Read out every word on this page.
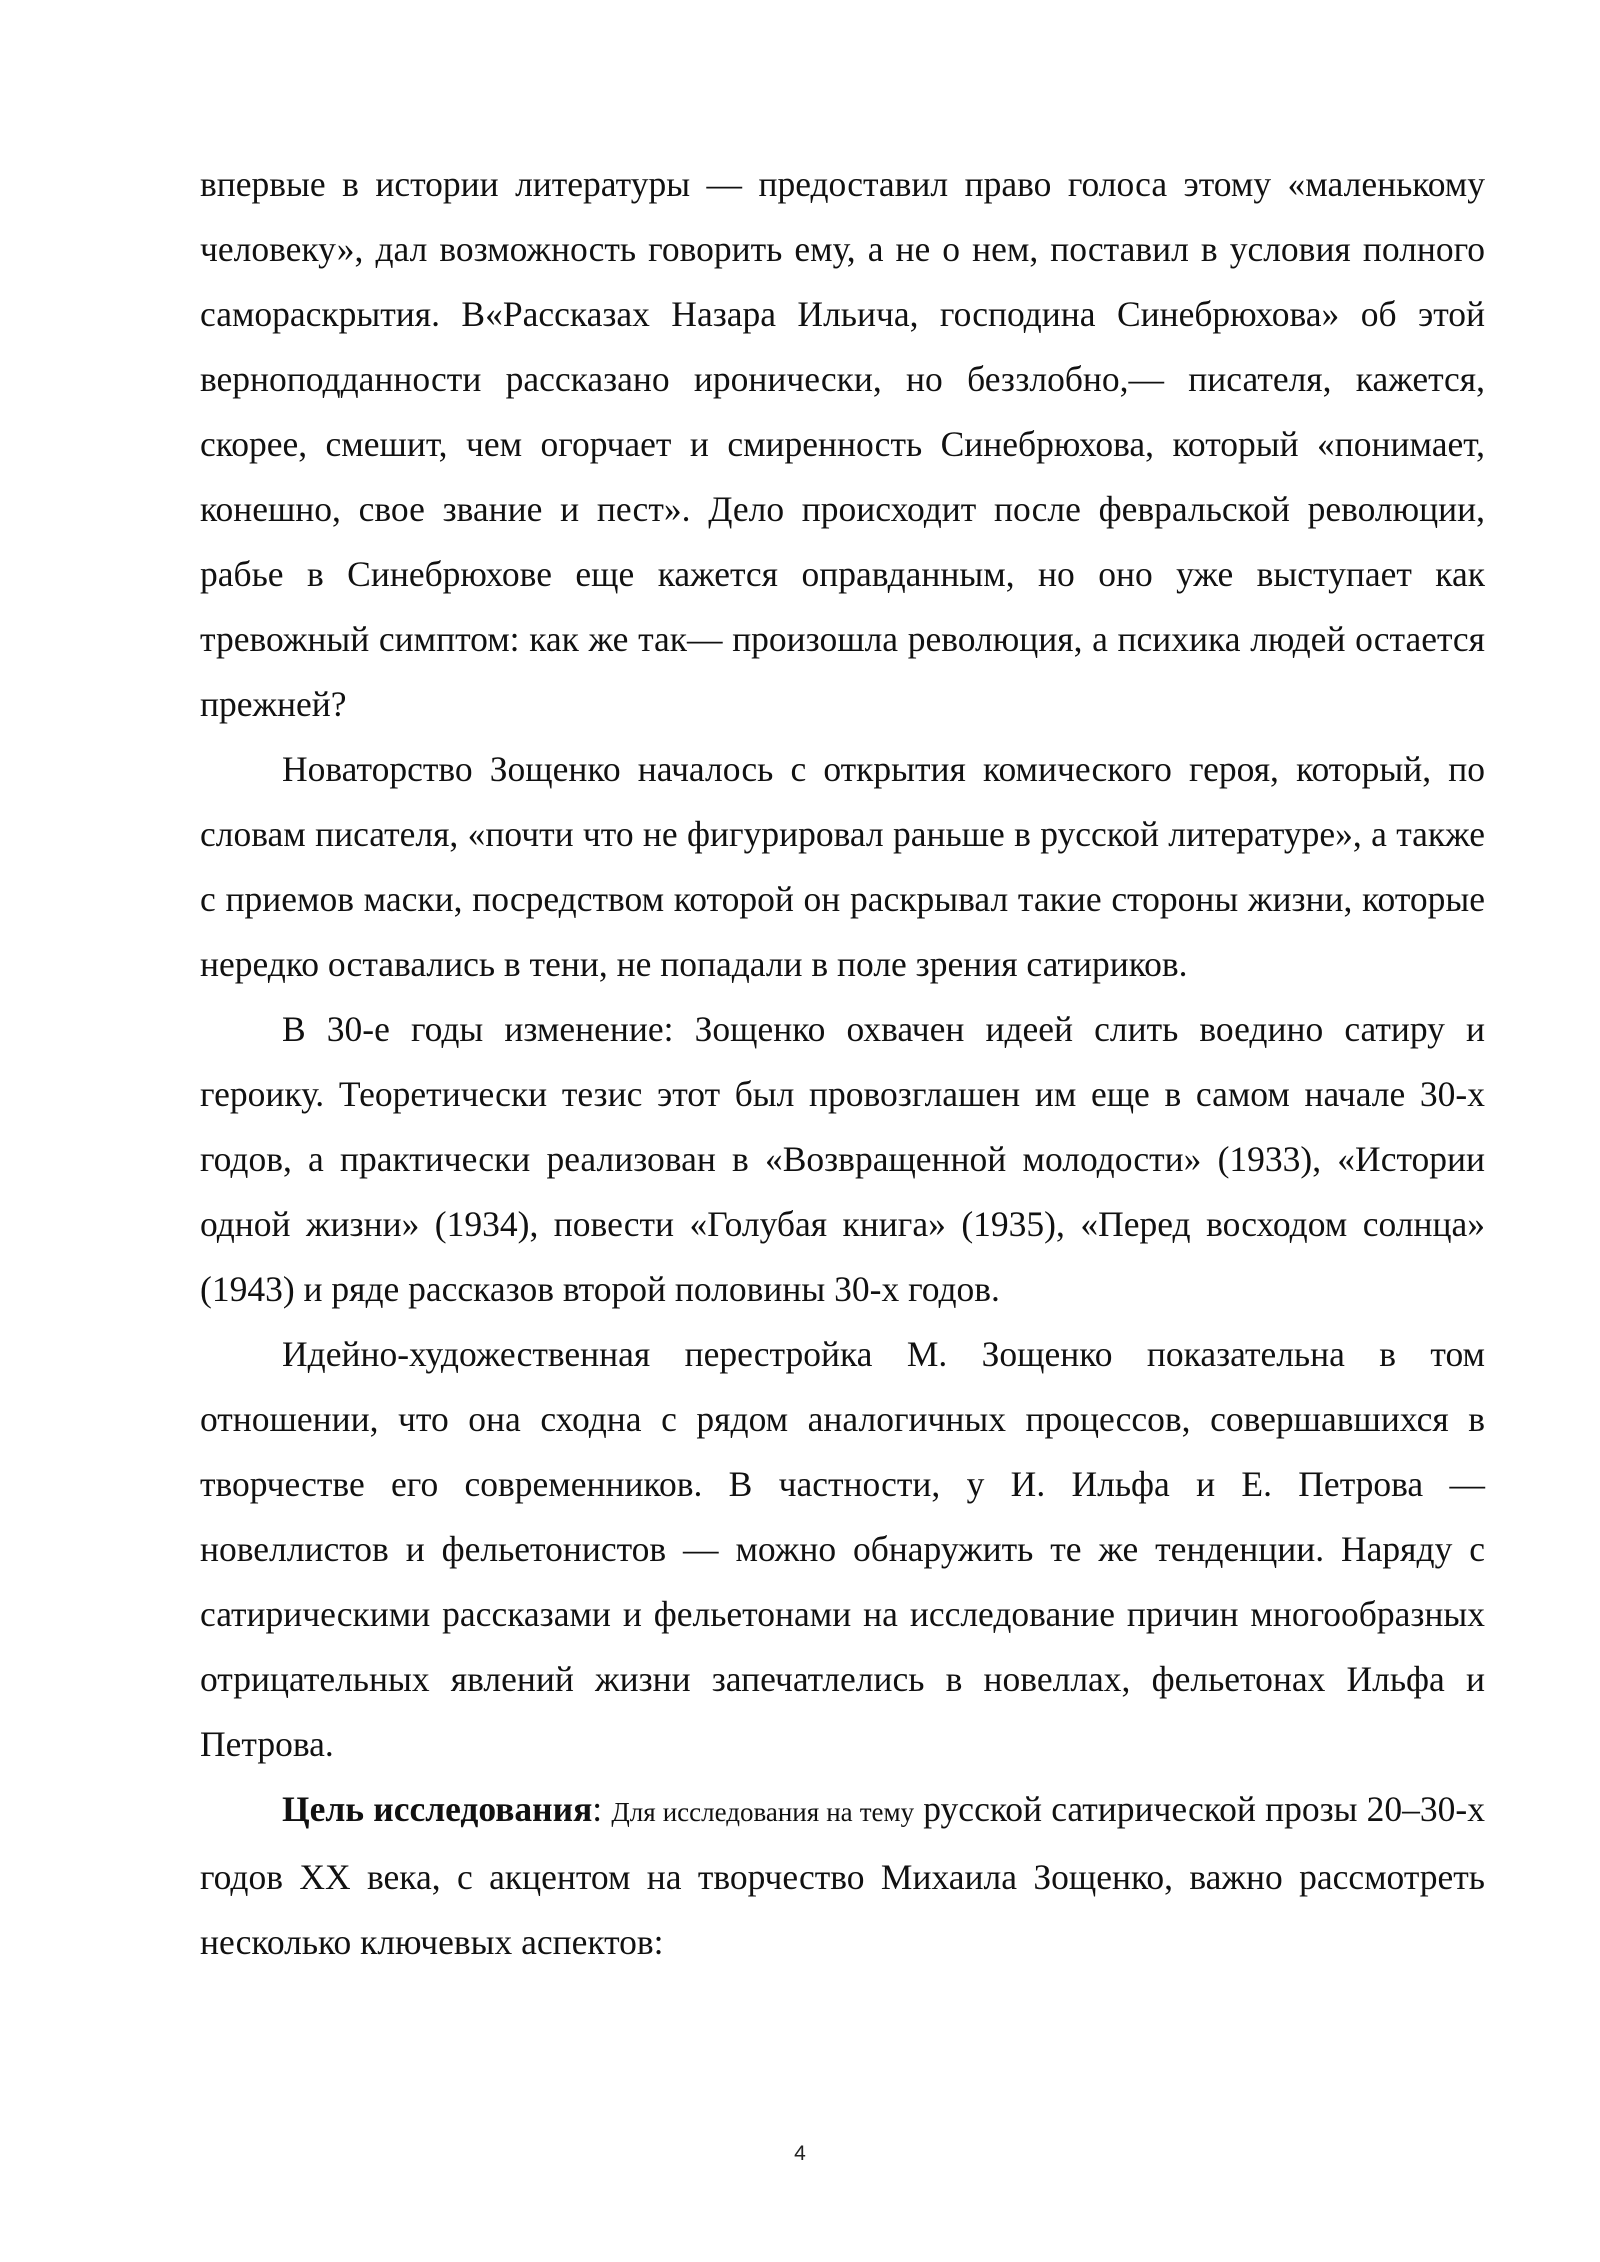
впервые в истории литературы — предоставил право голоса этому «маленькому человеку», дал возможность говорить ему, а не о нем, поставил в условия полного самораскрытия. В«Рассказах Назара Ильича, господина Синебрюхова» об этой верноподданности рассказано иронически, но беззлобно,— писателя, кажется, скорее, смешит, чем огорчает и смиренность Синебрюхова, который «понимает, конешно, свое звание и пест». Дело происходит после февральской революции, рабье в Синебрюхове еще кажется оправданным, но оно уже выступает как тревожный симптом: как же так— произошла революция, а психика людей остается прежней?

Новаторство Зощенко началось с открытия комического героя, который, по словам писателя, «почти что не фигурировал раньше в русской литературе», а также с приемов маски, посредством которой он раскрывал такие стороны жизни, которые нередко оставались в тени, не попадали в поле зрения сатириков.

В 30-е годы изменение: Зощенко охвачен идеей слить воедино сатиру и героику. Теоретически тезис этот был провозглашен им еще в самом начале 30-х годов, а практически реализован в «Возвращенной молодости» (1933), «Истории одной жизни» (1934), повести «Голубая книга» (1935), «Перед восходом солнца» (1943) и ряде рассказов второй половины 30-х годов.

Идейно-художественная перестройка М. Зощенко показательна в том отношении, что она сходна с рядом аналогичных процессов, совершавшихся в творчестве его современников. В частности, у И. Ильфа и Е. Петрова — новеллистов и фельетонистов — можно обнаружить те же тенденции. Наряду с сатирическими рассказами и фельетонами на исследование причин многообразных отрицательных явлений жизни запечатлелись в новеллах, фельетонах Ильфа и Петрова.

Цель исследования: Для исследования на тему русской сатирической прозы 20–30-х годов XX века, с акцентом на творчество Михаила Зощенко, важно рассмотреть несколько ключевых аспектов:

4
